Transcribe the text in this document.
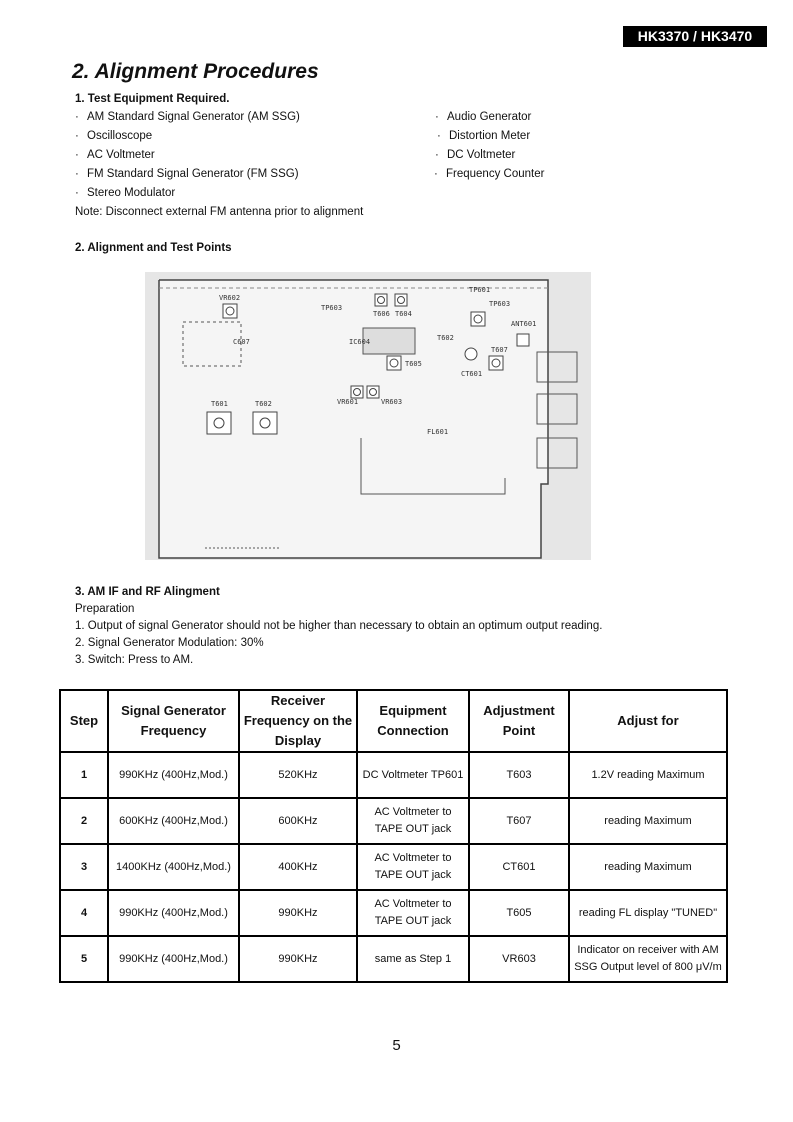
HK3370 / HK3470
2. Alignment Procedures
1. Test Equipment Required.
· AM Standard Signal Generator (AM SSG)
· Oscilloscope
· AC Voltmeter
· FM Standard Signal Generator (FM SSG)
· Stereo Modulator
· Audio Generator
· Distortion Meter
· DC Voltmeter
· Frequency Counter
Note: Disconnect external FM antenna prior to alignment
2. Alignment and Test Points
VR602
TP603
T606 T604
TP601
TP603
ANT601
IC604
C607	T602
T607
CT601
T605
VR601	VR603
T601	T602
FL601
3. AM IF and RF Alingment
Preparation
1. Output of signal Generator should not be higher than necessary to obtain an optimum output reading.
2. Signal Generator Modulation: 30%
3. Switch: Press to AM.
Step	Signal Generator Frequency	Receiver Frequency on the Display	Equipment Connection	Adjustment Point	Adjust for
1	990KHz (400Hz,Mod.)	520KHz	DC Voltmeter TP601	T603	1.2V reading Maximum
2	600KHz (400Hz,Mod.)	600KHz	AC Voltmeter to TAPE OUT jack	T607	reading Maximum
3	1400KHz (400Hz,Mod.)	400KHz	AC Voltmeter to TAPE OUT jack	CT601	reading Maximum
4	990KHz (400Hz,Mod.)	990KHz	AC Voltmeter to TAPE OUT jack	T605	reading FL display "TUNED"
5	990KHz (400Hz,Mod.)	990KHz	same as Step 1	VR603	Indicator on receiver with AM SSG Output level of 800 μV/m
5
